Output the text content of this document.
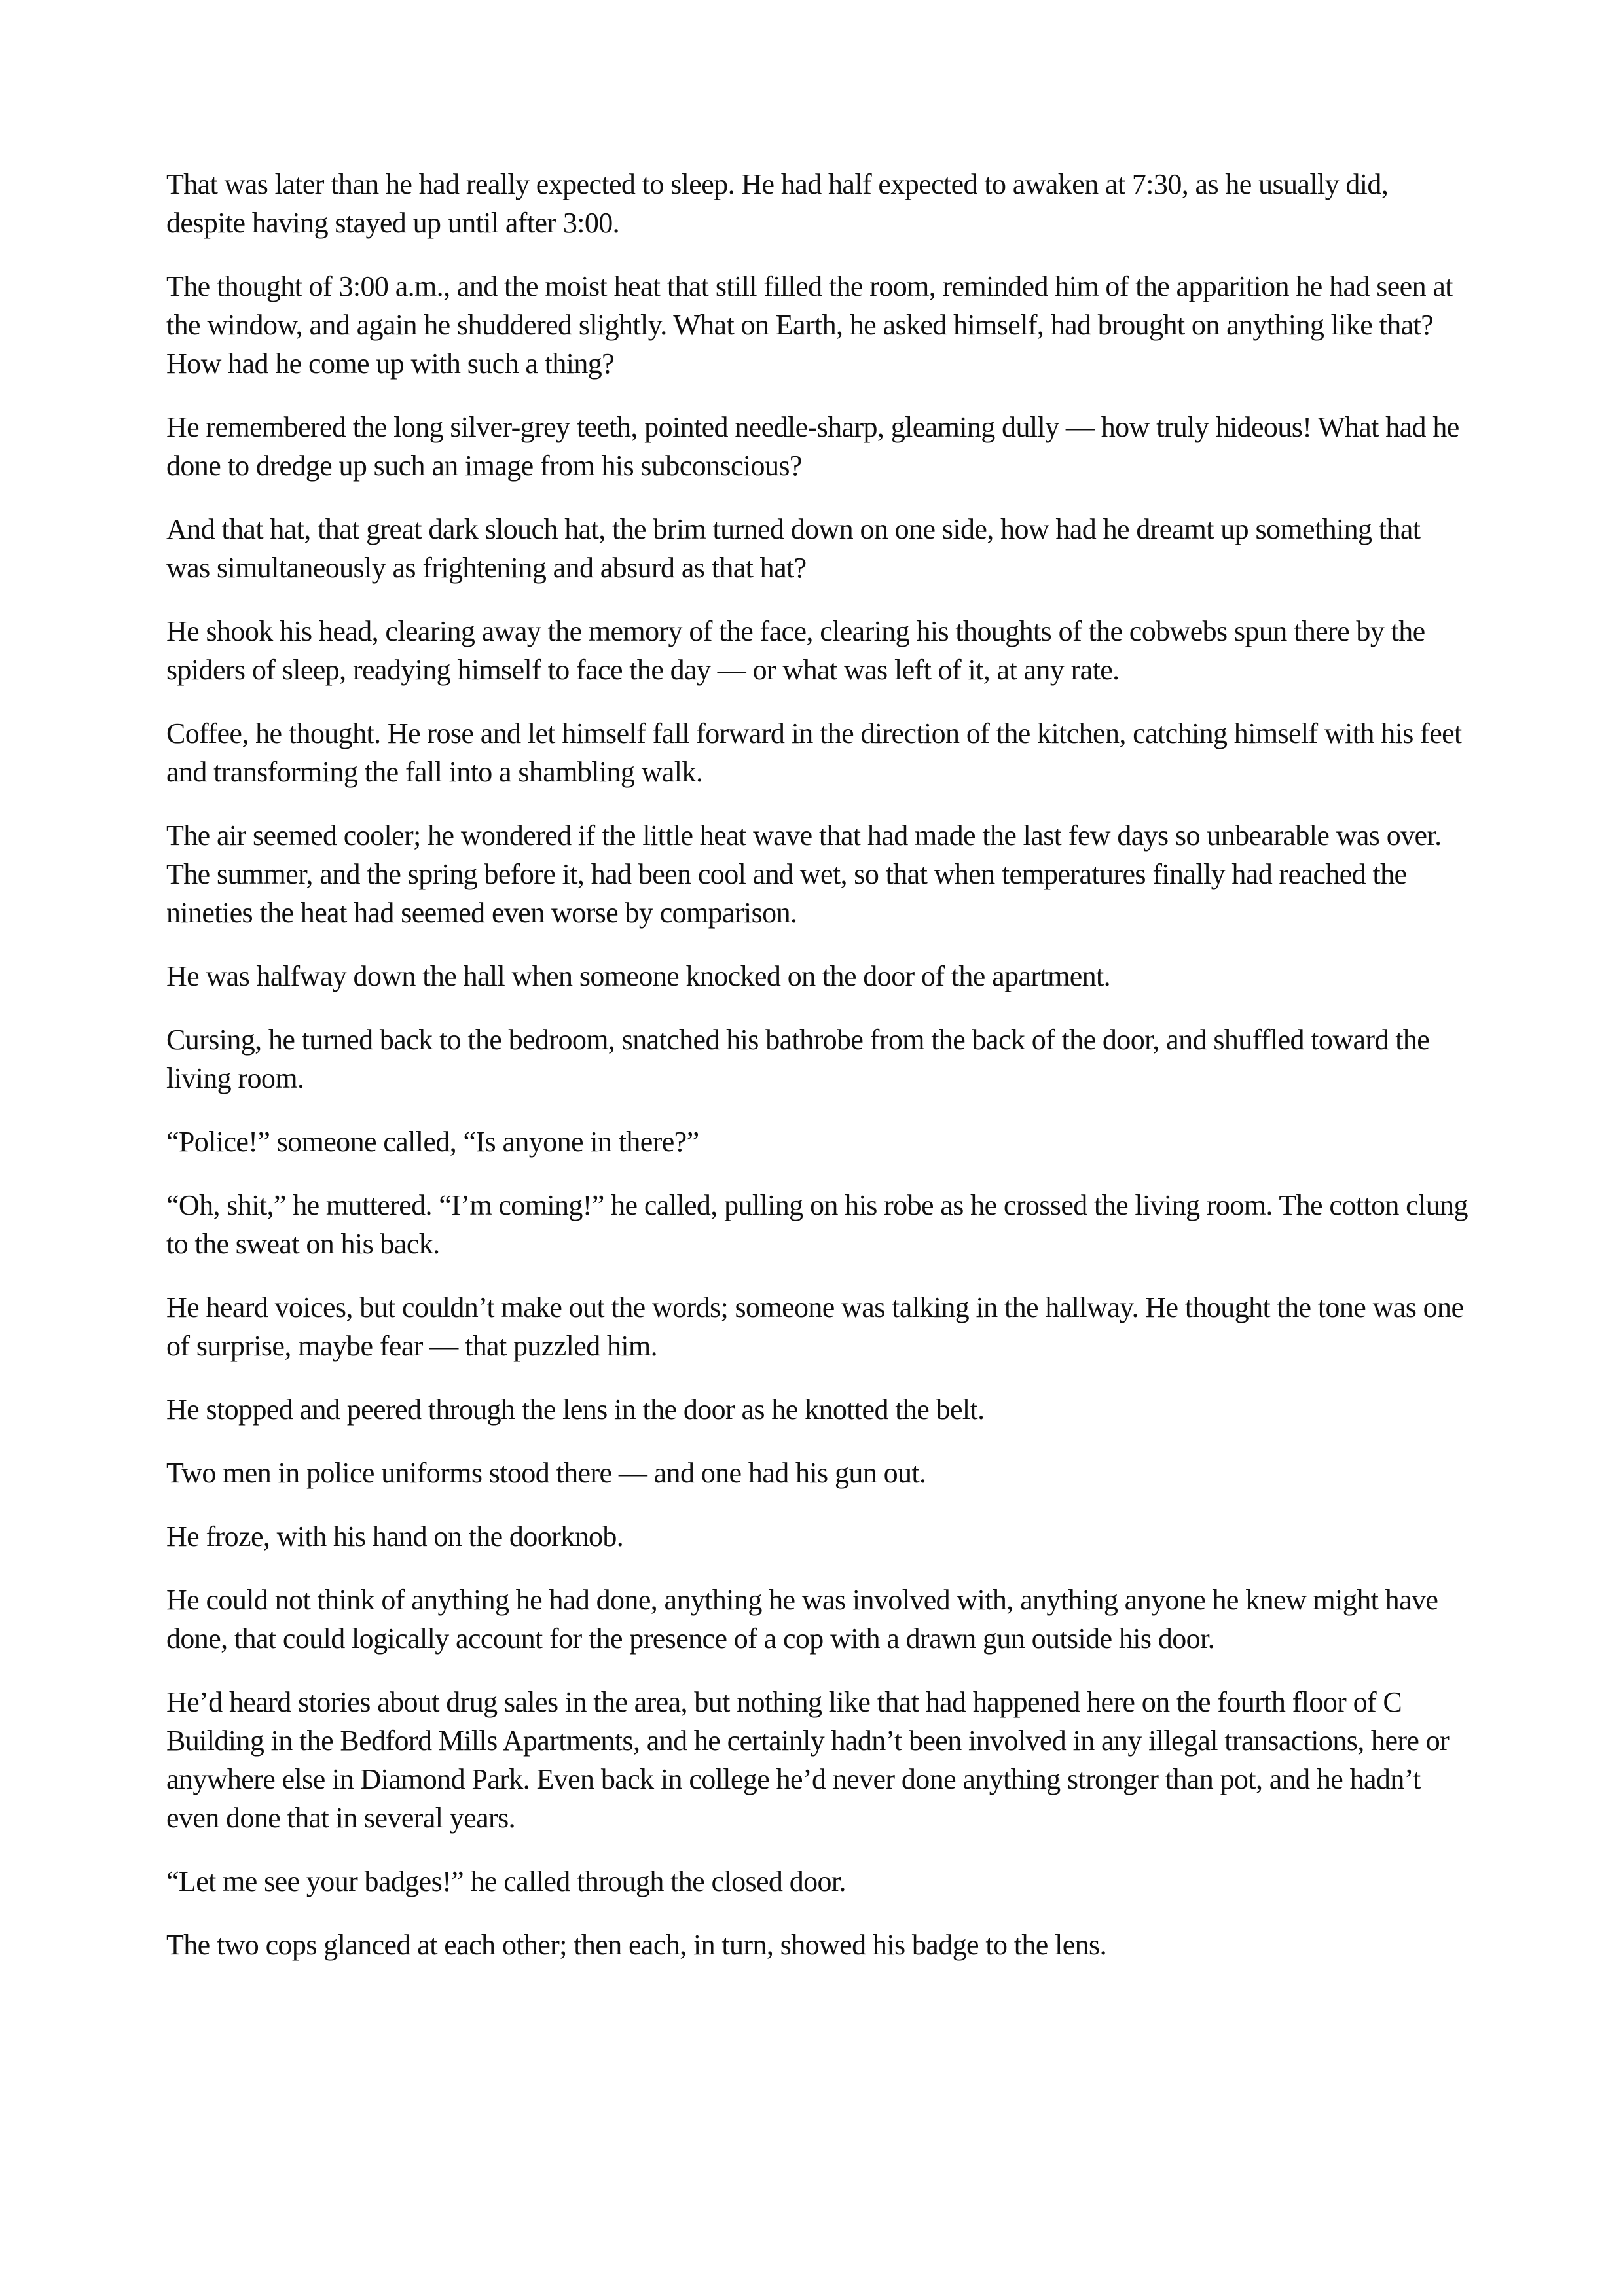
That was later than he had really expected to sleep. He had half expected to awaken at 7:30, as he usually did, despite having stayed up until after 3:00.

The thought of 3:00 a.m., and the moist heat that still filled the room, reminded him of the apparition he had seen at the window, and again he shuddered slightly. What on Earth, he asked himself, had brought on anything like that? How had he come up with such a thing?

He remembered the long silver-grey teeth, pointed needle-sharp, gleaming dully — how truly hideous! What had he done to dredge up such an image from his subconscious?

And that hat, that great dark slouch hat, the brim turned down on one side, how had he dreamt up something that was simultaneously as frightening and absurd as that hat?

He shook his head, clearing away the memory of the face, clearing his thoughts of the cobwebs spun there by the spiders of sleep, readying himself to face the day — or what was left of it, at any rate.

Coffee, he thought. He rose and let himself fall forward in the direction of the kitchen, catching himself with his feet and transforming the fall into a shambling walk.

The air seemed cooler; he wondered if the little heat wave that had made the last few days so unbearable was over. The summer, and the spring before it, had been cool and wet, so that when temperatures finally had reached the nineties the heat had seemed even worse by comparison.

He was halfway down the hall when someone knocked on the door of the apartment.

Cursing, he turned back to the bedroom, snatched his bathrobe from the back of the door, and shuffled toward the living room.

“Police!” someone called, “Is anyone in there?”

“Oh, shit,” he muttered. “I’m coming!” he called, pulling on his robe as he crossed the living room. The cotton clung to the sweat on his back.

He heard voices, but couldn’t make out the words; someone was talking in the hallway. He thought the tone was one of surprise, maybe fear — that puzzled him.

He stopped and peered through the lens in the door as he knotted the belt.

Two men in police uniforms stood there — and one had his gun out.

He froze, with his hand on the doorknob.

He could not think of anything he had done, anything he was involved with, anything anyone he knew might have done, that could logically account for the presence of a cop with a drawn gun outside his door.

He’d heard stories about drug sales in the area, but nothing like that had happened here on the fourth floor of C Building in the Bedford Mills Apartments, and he certainly hadn’t been involved in any illegal transactions, here or anywhere else in Diamond Park. Even back in college he’d never done anything stronger than pot, and he hadn’t even done that in several years.

“Let me see your badges!” he called through the closed door.

The two cops glanced at each other; then each, in turn, showed his badge to the lens.
